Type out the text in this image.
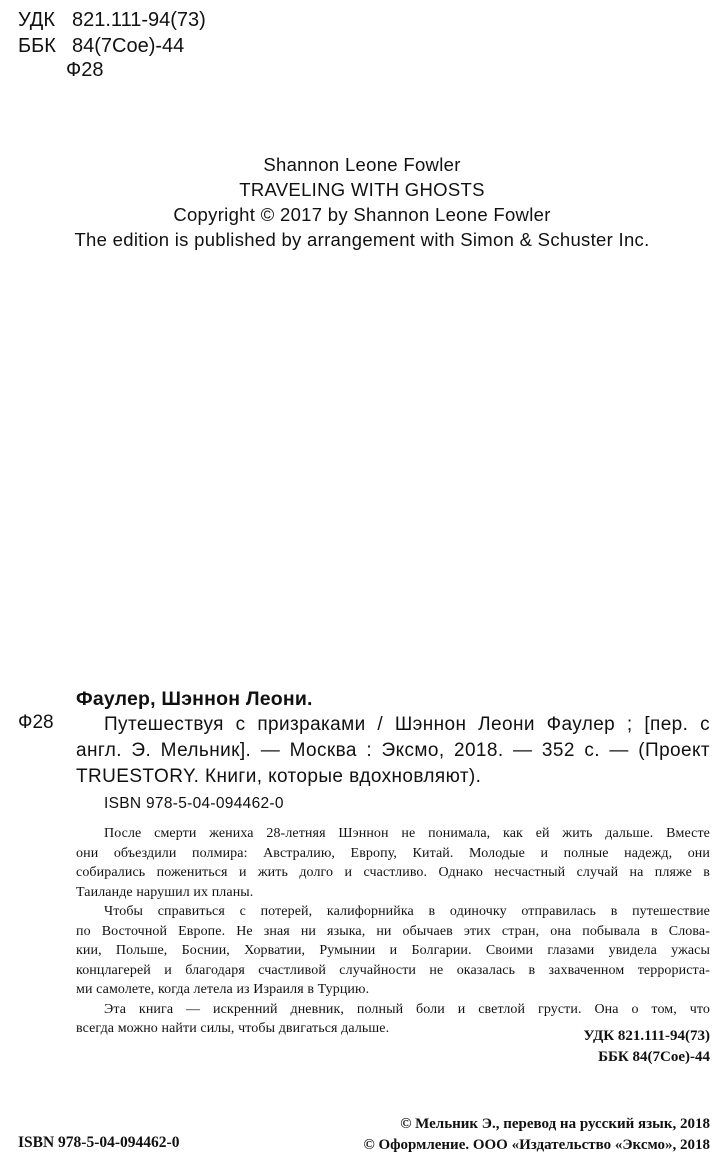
УДК 821.111-94(73)
ББК 84(7Сое)-44
Ф28
Shannon Leone Fowler
TRAVELING WITH GHOSTS
Copyright © 2017 by Shannon Leone Fowler
The edition is published by arrangement with Simon & Schuster Inc.
Фаулер, Шэннон Леони.
Ф28	Путешествуя с призраками / Шэннон Леони Фаулер ; [пер. с
англ. Э. Мельник]. — Москва : Эксмо, 2018. — 352 с. — (Проект
TRUESTORY. Книги, которые вдохновляют).
ISBN 978-5-04-094462-0
После смерти жениха 28-летняя Шэннон не понимала, как ей жить дальше. Вместе
они объездили полмира: Австралию, Европу, Китай. Молодые и полные надежд, они
собирались пожениться и жить долго и счастливо. Однако несчастный случай на пляже в
Таиланде нарушил их планы.
Чтобы справиться с потерей, калифорнийка в одиночку отправилась в путешествие
по Восточной Европе. Не зная ни языка, ни обычаев этих стран, она побывала в Слова-
кии, Польше, Боснии, Хорватии, Румынии и Болгарии. Своими глазами увидела ужасы
концлагерей и благодаря счастливой случайности не оказалась в захваченном террориста-
ми самолете, когда летела из Израиля в Турцию.
Эта книга — искренний дневник, полный боли и светлой грусти. Она о том, что
всегда можно найти силы, чтобы двигаться дальше.	УДК 821.111-94(73)
ББК 84(7Сое)-44
© Мельник Э., перевод на русский язык, 2018
© Оформление. ООО «Издательство «Эксмо», 2018
ISBN 978-5-04-094462-0
